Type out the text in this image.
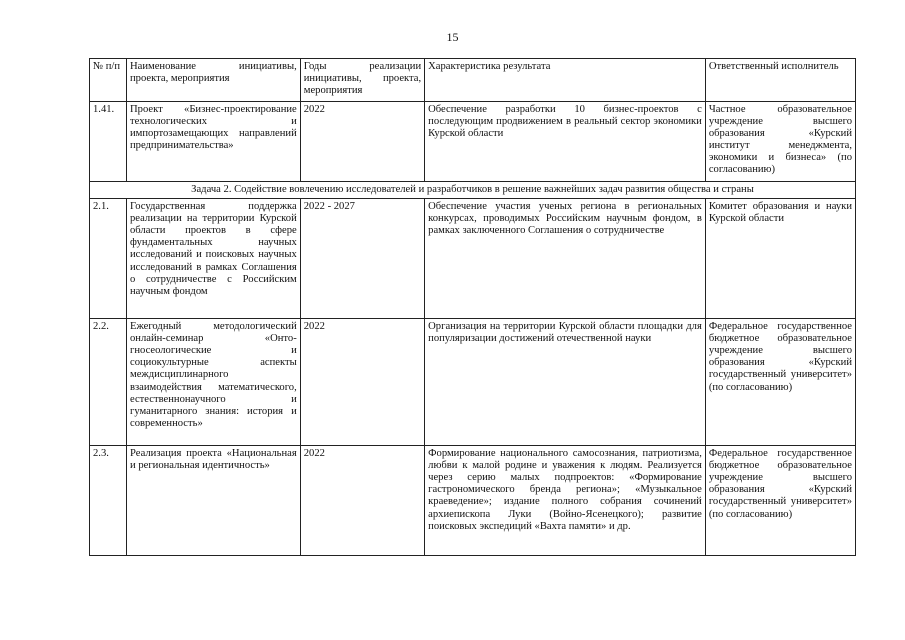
15
№ п/п	Наименование инициативы, проекта, мероприятия	Годы реализации инициативы, проекта, мероприятия	Характеристика результата	Ответственный исполнитель
1.41.	Проект «Бизнес-проектирование технологических и импортозамещающих направлений предпринимательства»	2022	Обеспечение разработки 10 бизнес-проектов с последующим продвижением в реальный сектор экономики Курской области	Частное образовательное учреждение высшего образования «Курский институт менеджмента, экономики и бизнеса» (по согласованию)
Задача 2. Содействие вовлечению исследователей и разработчиков в решение важнейших задач развития общества и страны				
2.1.	Государственная поддержка реализации на территории Курской области проектов в сфере фундаментальных научных исследований и поисковых научных исследований в рамках Соглашения о сотрудничестве с Российским научным фондом	2022 - 2027	Обеспечение участия ученых региона в региональных конкурсах, проводимых Российским научным фондом, в рамках заключенного Соглашения о сотрудничестве	Комитет образования и науки Курской области
2.2.	Ежегодный методологический онлайн-семинар «Онто-гносеологические и социокультурные аспекты междисциплинарного взаимодействия математического, естественнонаучного и гуманитарного знания: история и современность»	2022	Организация на территории Курской области площадки для популяризации достижений отечественной науки	Федеральное государственное бюджетное образовательное учреждение высшего образования «Курский государственный университет» (по согласованию)
2.3.	Реализация проекта «Национальная и региональная идентичность»	2022	Формирование национального самосознания, патриотизма, любви к малой родине и уважения к людям. Реализуется через серию малых подпроектов: «Формирование гастрономического бренда региона»; «Музыкальное краеведение»; издание полного собрания сочинений архиепископа Луки (Войно-Ясенецкого); развитие поисковых экспедиций «Вахта памяти» и др.	Федеральное государственное бюджетное образовательное учреждение высшего образования «Курский государственный университет» (по согласованию)
